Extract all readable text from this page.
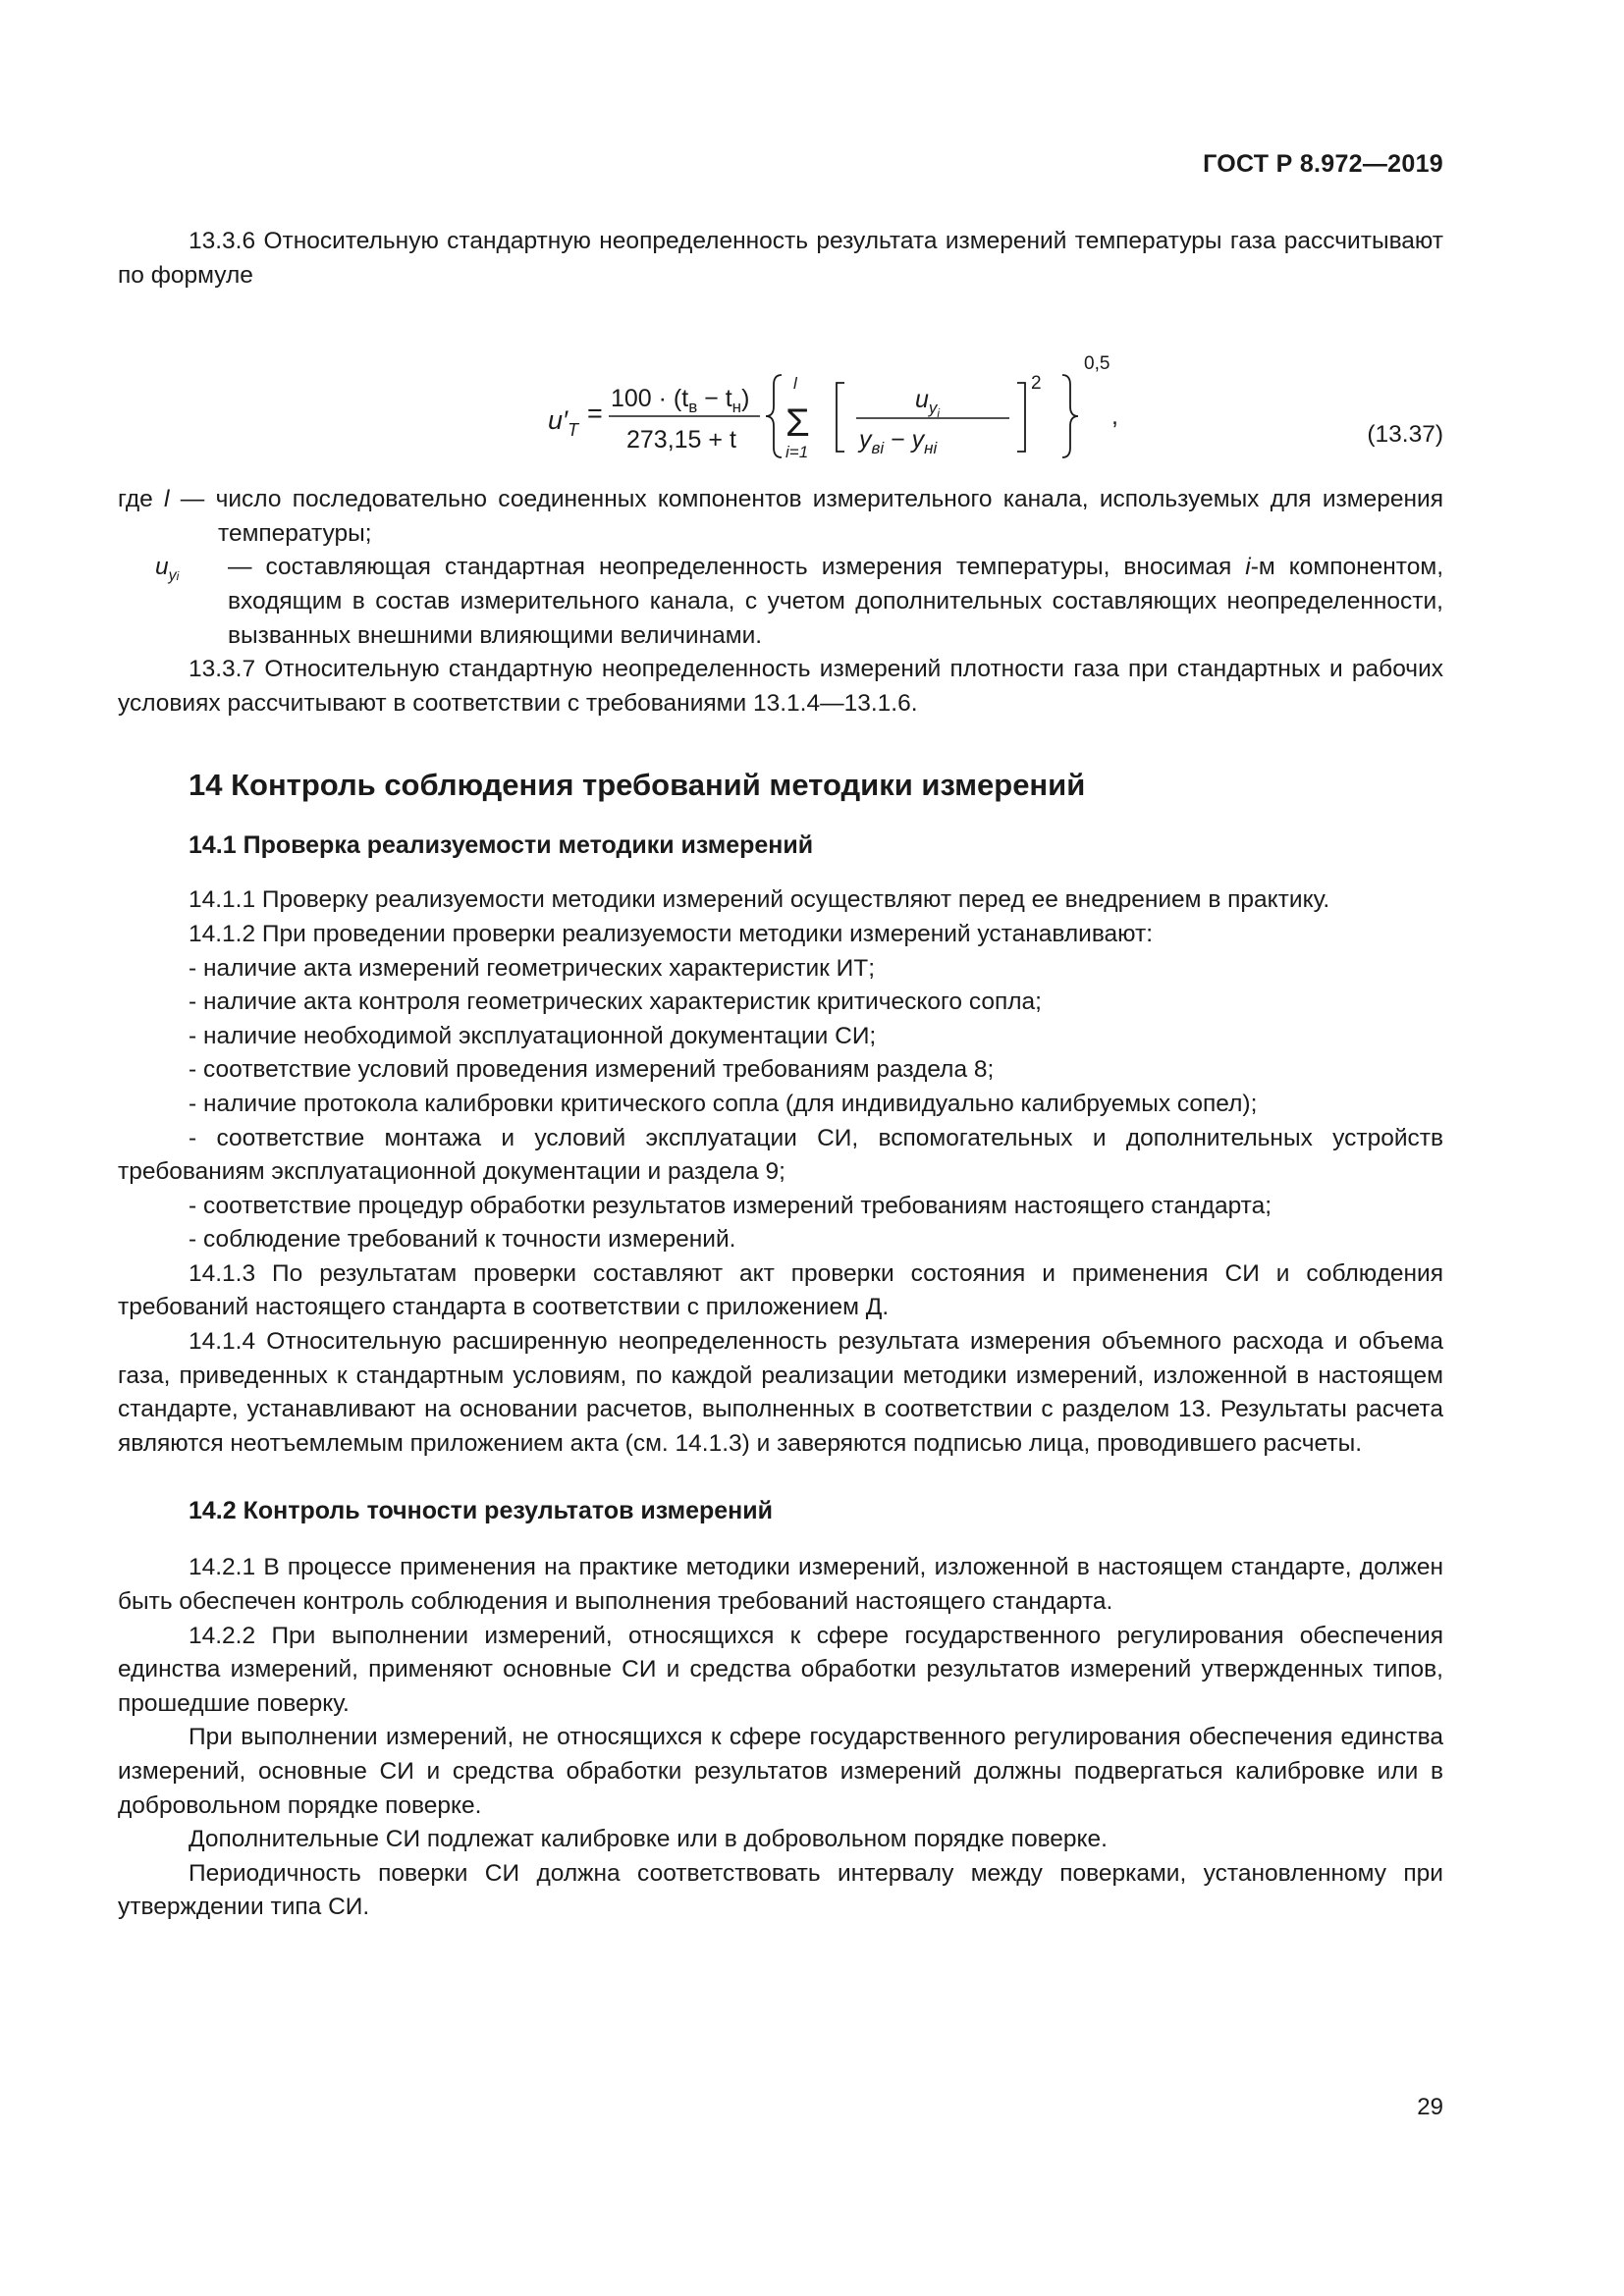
ГОСТ Р 8.972—2019

13.3.6 Относительную стандартную неопределенность результата измерений температуры газа рассчитывают по формуле

$u'_T$
= $100 \cdot (t_в - t_н)$
273,15 + t
l
Σ
i=1
$u_yi$
$y_{вi} - y_{нi}$
2
0,5
,
(13.37)

где l — число последовательно соединенных компонентов измерительного канала, используемых для измерения температуры;

$u_{yi}$ — составляющая стандартная неопределенность измерения температуры, вносимая i-м компонентом, входящим в состав измерительного канала, с учетом дополнительных составляющих неопределенности, вызванных внешними влияющими величинами.

13.3.7 Относительную стандартную неопределенность измерений плотности газа при стандартных и рабочих условиях рассчитывают в соответствии с требованиями 13.1.4—13.1.6.

14 Контроль соблюдения требований методики измерений
14.1 Проверка реализуемости методики измерений

14.1.1 Проверку реализуемости методики измерений осуществляют перед ее внедрением в практику.

14.1.2 При проведении проверки реализуемости методики измерений устанавливают:

- наличие акта измерений геометрических характеристик ИТ;

- наличие акта контроля геометрических характеристик критического сопла;

- наличие необходимой эксплуатационной документации СИ;

- соответствие условий проведения измерений требованиям раздела 8;

- наличие протокола калибровки критического сопла (для индивидуально калибруемых сопел);

- соответствие монтажа и условий эксплуатации СИ, вспомогательных и дополнительных устройств требованиям эксплуатационной документации и раздела 9;

- соответствие процедур обработки результатов измерений требованиям настоящего стандарта;

- соблюдение требований к точности измерений.

14.1.3 По результатам проверки составляют акт проверки состояния и применения СИ и соблюдения требований настоящего стандарта в соответствии с приложением Д.

14.1.4 Относительную расширенную неопределенность результата измерения объемного расхода и объема газа, приведенных к стандартным условиям, по каждой реализации методики измерений, изложенной в настоящем стандарте, устанавливают на основании расчетов, выполненных в соответствии с разделом 13. Результаты расчета являются неотъемлемым приложением акта (см. 14.1.3) и заверяются подписью лица, проводившего расчеты.

14.2 Контроль точности результатов измерений

14.2.1 В процессе применения на практике методики измерений, изложенной в настоящем стандарте, должен быть обеспечен контроль соблюдения и выполнения требований настоящего стандарта.

14.2.2 При выполнении измерений, относящихся к сфере государственного регулирования обеспечения единства измерений, применяют основные СИ и средства обработки результатов измерений утвержденных типов, прошедшие поверку.

При выполнении измерений, не относящихся к сфере государственного регулирования обеспечения единства измерений, основные СИ и средства обработки результатов измерений должны подвергаться калибровке или в добровольном порядке поверке.

Дополнительные СИ подлежат калибровке или в добровольном порядке поверке.

Периодичность поверки СИ должна соответствовать интервалу между поверками, установленному при утверждении типа СИ.

29
